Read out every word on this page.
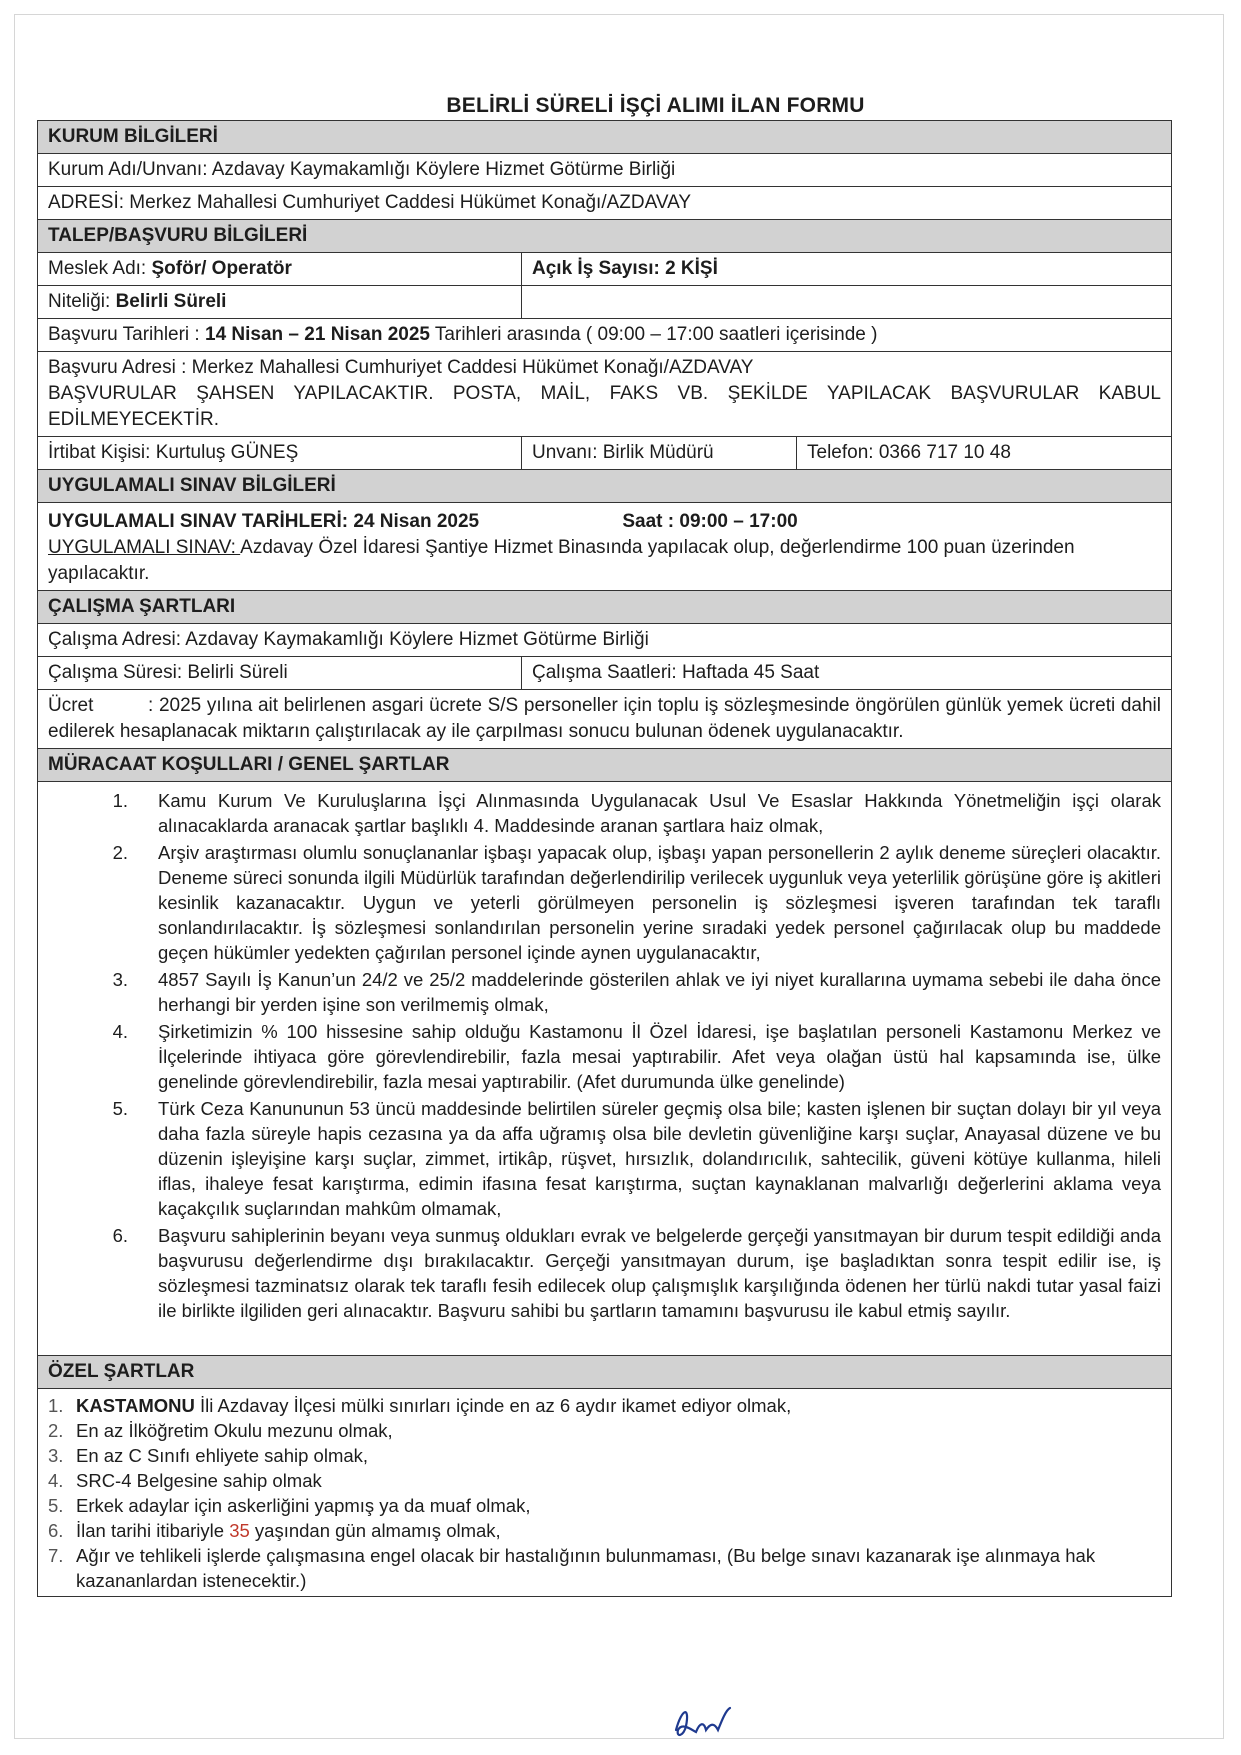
BELİRLİ SÜRELİ İŞÇİ ALIMI İLAN FORMU
KURUM BİLGİLERİ
Kurum Adı/Unvanı: Azdavay Kaymakamlığı Köylere Hizmet Götürme Birliği
ADRESİ: Merkez Mahallesi Cumhuriyet Caddesi Hükümet Konağı/AZDAVAY
TALEP/BAŞVURU BİLGİLERİ
Meslek Adı: Şoför/ Operatör	Açık İş Sayısı: 2 KİŞİ
Niteliği: Belirli Süreli
Başvuru Tarihleri : 14 Nisan – 21 Nisan 2025 Tarihleri arasında ( 09:00 – 17:00 saatleri içerisinde )
Başvuru Adresi : Merkez Mahallesi Cumhuriyet Caddesi Hükümet Konağı/AZDAVAY
BAŞVURULAR ŞAHSEN YAPILACAKTIR. POSTA, MAİL, FAKS VB. ŞEKİLDE YAPILACAK BAŞVURULAR KABUL EDİLMEYECEKTİR.
İrtibat Kişisi: Kurtuluş GÜNEŞ	Unvanı: Birlik Müdürü	Telefon: 0366 717 10 48
UYGULAMALI SINAV BİLGİLERİ
UYGULAMALI SINAV TARİHLERİ: 24 Nisan 2025	Saat : 09:00 – 17:00
UYGULAMALI SINAV: Azdavay Özel İdaresi Şantiye Hizmet Binasında yapılacak olup, değerlendirme 100 puan üzerinden yapılacaktır.
ÇALIŞMA ŞARTLARI
Çalışma Adresi: Azdavay Kaymakamlığı Köylere Hizmet Götürme Birliği
Çalışma Süresi: Belirli Süreli	Çalışma Saatleri: Haftada 45 Saat
Ücret	: 2025 yılına ait belirlenen asgari ücrete S/S personeller için toplu iş sözleşmesinde öngörülen günlük yemek ücreti dahil edilerek hesaplanacak miktarın çalıştırılacak ay ile çarpılması sonucu bulunan ödenek uygulanacaktır.
MÜRACAAT KOŞULLARI / GENEL ŞARTLAR
1.	Kamu Kurum Ve Kuruluşlarına İşçi Alınmasında Uygulanacak Usul Ve Esaslar Hakkında Yönetmeliğin işçi olarak alınacaklarda aranacak şartlar başlıklı 4. Maddesinde aranan şartlara haiz olmak,
2.	Arşiv araştırması olumlu sonuçlananlar işbaşı yapacak olup, işbaşı yapan personellerin 2 aylık deneme süreçleri olacaktır. Deneme süreci sonunda ilgili Müdürlük tarafından değerlendirilip verilecek uygunluk veya yeterlilik görüşüne göre iş akitleri kesinlik kazanacaktır. Uygun ve yeterli görülmeyen personelin iş sözleşmesi işveren tarafından tek taraflı sonlandırılacaktır. İş sözleşmesi sonlandırılan personelin yerine sıradaki yedek personel çağırılacak olup bu maddede geçen hükümler yedekten çağırılan personel içinde aynen uygulanacaktır,
3.	4857 Sayılı İş Kanun’un 24/2 ve 25/2 maddelerinde gösterilen ahlak ve iyi niyet kurallarına uymama sebebi ile daha önce herhangi bir yerden işine son verilmemiş olmak,
4.	Şirketimizin % 100 hissesine sahip olduğu Kastamonu İl Özel İdaresi, işe başlatılan personeli Kastamonu Merkez ve İlçelerinde ihtiyaca göre görevlendirebilir, fazla mesai yaptırabilir. Afet veya olağan üstü hal kapsamında ise, ülke genelinde görevlendirebilir, fazla mesai yaptırabilir. (Afet durumunda ülke genelinde)
5.	Türk Ceza Kanununun 53 üncü maddesinde belirtilen süreler geçmiş olsa bile; kasten işlenen bir suçtan dolayı bir yıl veya daha fazla süreyle hapis cezasına ya da affa uğramış olsa bile devletin güvenliğine karşı suçlar, Anayasal düzene ve bu düzenin işleyişine karşı suçlar, zimmet, irtikâp, rüşvet, hırsızlık, dolandırıcılık, sahtecilik, güveni kötüye kullanma, hileli iflas, ihaleye fesat karıştırma, edimin ifasına fesat karıştırma, suçtan kaynaklanan malvarlığı değerlerini aklama veya kaçakçılık suçlarından mahkûm olmamak,
6.	Başvuru sahiplerinin beyanı veya sunmuş oldukları evrak ve belgelerde gerçeği yansıtmayan bir durum tespit edildiği anda başvurusu değerlendirme dışı bırakılacaktır. Gerçeği yansıtmayan durum, işe başladıktan sonra tespit edilir ise, iş sözleşmesi tazminatsız olarak tek taraflı fesih edilecek olup çalışmışlık karşılığında ödenen her türlü nakdi tutar yasal faizi ile birlikte ilgiliden geri alınacaktır. Başvuru sahibi bu şartların tamamını başvurusu ile kabul etmiş sayılır.
ÖZEL ŞARTLAR
1. KASTAMONU İli Azdavay İlçesi mülki sınırları içinde en az 6 aydır ikamet ediyor olmak,
2. En az İlköğretim Okulu mezunu olmak,
3. En az C Sınıfı ehliyete sahip olmak,
4. SRC-4 Belgesine sahip olmak
5. Erkek adaylar için askerliğini yapmış ya da muaf olmak,
6. İlan tarihi itibariyle 35 yaşından gün almamış olmak,
7. Ağır ve tehlikeli işlerde çalışmasına engel olacak bir hastalığının bulunmaması, (Bu belge sınavı kazanarak işe alınmaya hak kazananlardan istenecektir.)
